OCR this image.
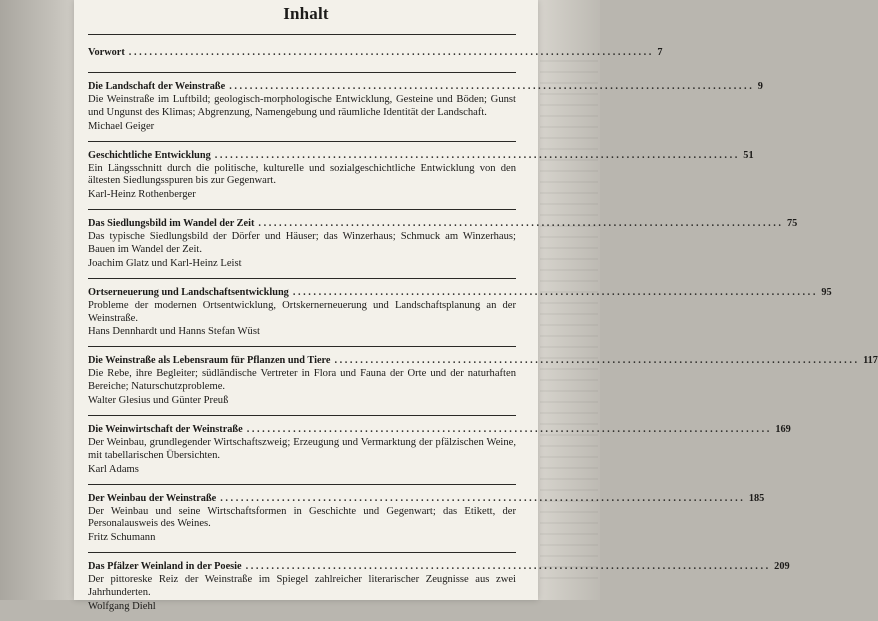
Inhalt
Vorwort . . .	7
Die Landschaft der Weinstraße . . .	9
Die Weinstraße im Luftbild; geologisch-morphologische Entwicklung, Gesteine und Böden; Gunst und Ungunst des Klimas; Abgrenzung, Namengebung und räumliche Identität der Landschaft.
Michael Geiger
Geschichtliche Entwicklung . . .	51
Ein Längsschnitt durch die politische, kulturelle und sozialgeschichtliche Entwicklung von den ältesten Siedlungsspuren bis zur Gegenwart.
Karl-Heinz Rothenberger
Das Siedlungsbild im Wandel der Zeit . . .	75
Das typische Siedlungsbild der Dörfer und Häuser; das Winzerhaus; Schmuck am Winzerhaus; Bauen im Wandel der Zeit.
Joachim Glatz und Karl-Heinz Leist
Ortserneuerung und Landschaftsentwicklung . . .	95
Probleme der modernen Ortsentwicklung, Ortskernerneuerung und Landschaftsplanung an der Weinstraße.
Hans Dennhardt und Hanns Stefan Wüst
Die Weinstraße als Lebensraum für Pflanzen und Tiere . . .	117
Die Rebe, ihre Begleiter; südländische Vertreter in Flora und Fauna der Orte und der naturhaften Bereiche; Naturschutzprobleme.
Walter Glesius und Günter Preuß
Die Weinwirtschaft der Weinstraße . . .	169
Der Weinbau, grundlegender Wirtschaftszweig; Erzeugung und Vermarktung der pfälzischen Weine, mit tabellarischen Übersichten.
Karl Adams
Der Weinbau der Weinstraße . . .	185
Der Weinbau und seine Wirtschaftsformen in Geschichte und Gegenwart; das Etikett, der Personalausweis des Weines.
Fritz Schumann
Das Pfälzer Weinland in der Poesie . . .	209
Der pittoreske Reiz der Weinstraße im Spiegel zahlreicher literarischer Zeugnisse aus zwei Jahrhunderten.
Wolfgang Diehl
